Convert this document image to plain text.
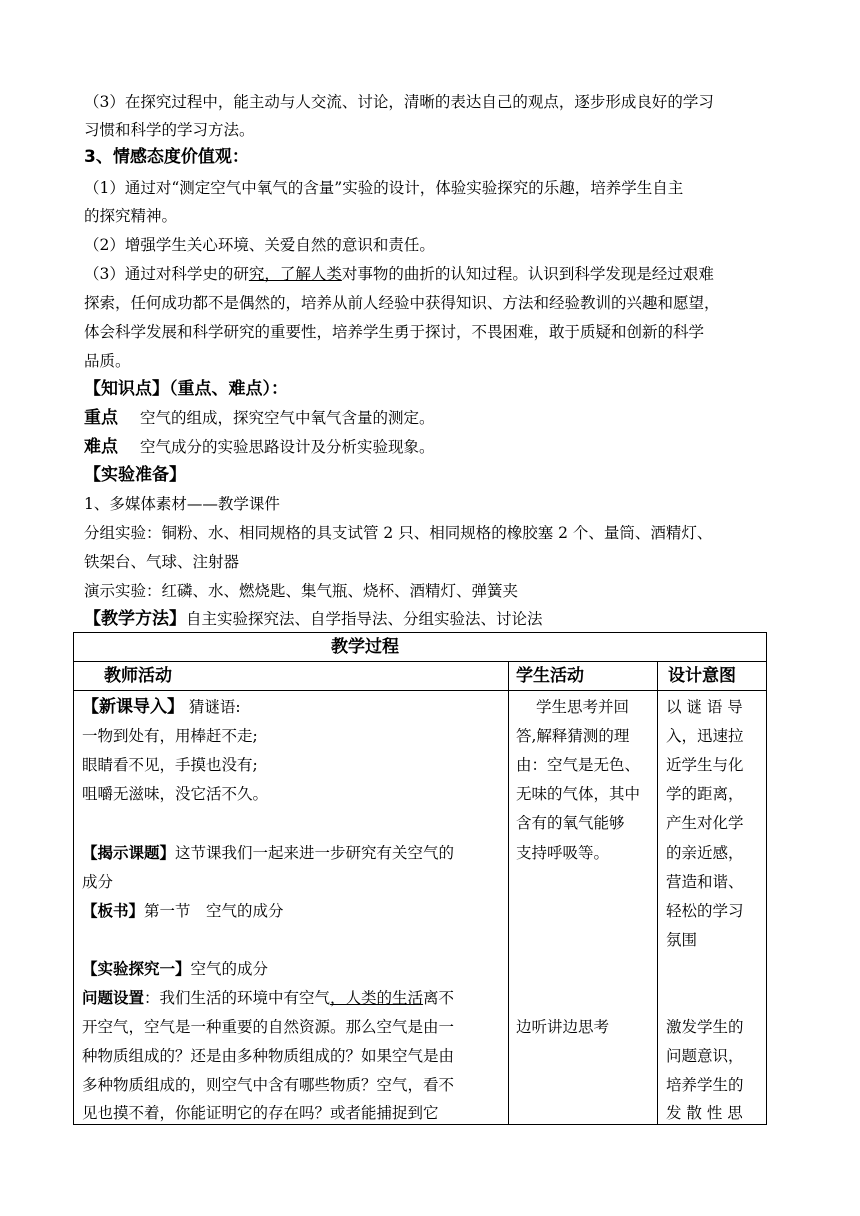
（3）在探究过程中，能主动与人交流、讨论，清晰的表达自己的观点，逐步形成良好的学习
习惯和科学的学习方法。
3、情感态度价值观：
（1）通过对“测定空气中氧气的含量”实验的设计，体验实验探究的乐趣，培养学生自主
的探究精神。
（2）增强学生关心环境、关爱自然的意识和责任。
（3）通过对科学史的研究，了解人类对事物的曲折的认知过程。认识到科学发现是经过艰难
探索，任何成功都不是偶然的，培养从前人经验中获得知识、方法和经验教训的兴趣和愿望，
体会科学发展和科学研究的重要性，培养学生勇于探讨，不畏困难，敢于质疑和创新的科学
品质。
【知识点】（重点、难点）：
重点 空气的组成，探究空气中氧气含量的测定。
难点 空气成分的实验思路设计及分析实验现象。
【实验准备】
1、多媒体素材——教学课件
分组实验：铜粉、水、相同规格的具支试管 2 只、相同规格的橡胶塞 2 个、量筒、酒精灯、
铁架台、气球、注射器
演示实验：红磷、水、燃烧匙、集气瓶、烧杯、酒精灯、弹簧夹
【教学方法】自主实验探究法、自学指导法、分组实验法、讨论法
教学过程
教师活动	学生活动	设计意图
【新课导入】 猜谜语:
一物到处有，用棒赶不走;
眼睛看不见，手摸也没有;
咀嚼无滋味，没它活不久。
【揭示课题】这节课我们一起来进一步研究有关空气的
成分
【板书】第一节　空气的成分
【实验探究一】空气的成分
问题设置：我们生活的环境中有空气，人类的生活离不
开空气，空气是一种重要的自然资源。那么空气是由一
种物质组成的？还是由多种物质组成的？如果空气是由
多种物质组成的，则空气中含有哪些物质？空气，看不
见也摸不着，你能证明它的存在吗？或者能捕捉到它
学生思考并回
答,解释猜测的理
由：空气是无色、
无味的气体，其中
含有的氧气能够
支持呼吸等。
边听讲边思考
以 谜 语 导
入，迅速拉
近学生与化
学的距离，
产生对化学
的亲近感，
营造和谐、
轻松的学习
氛围
激发学生的
问题意识，
培养学生的
发 散 性 思
